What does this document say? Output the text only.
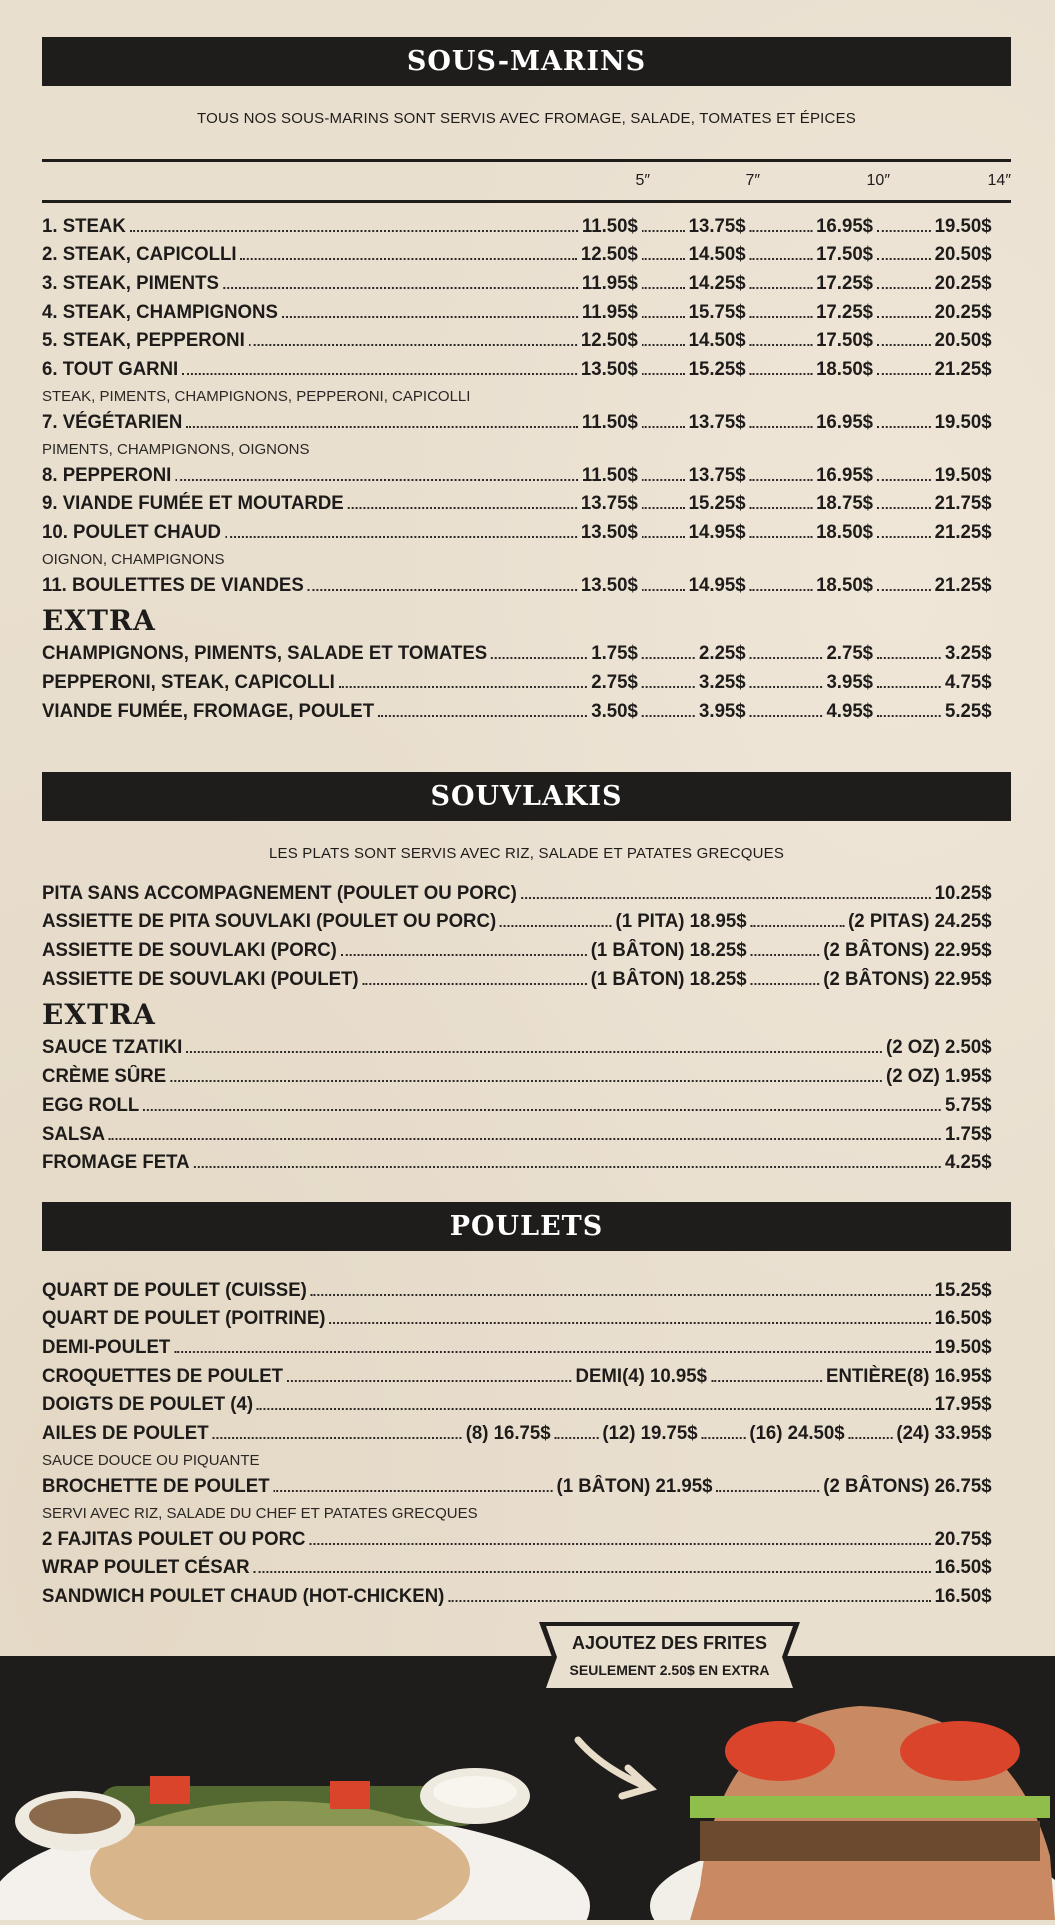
SOUS-MARINS
TOUS NOS SOUS-MARINS SONT SERVIS AVEC FROMAGE, SALADE, TOMATES ET ÉPICES
5″	7″	10″	14″
1. STEAK	11.50$	13.75$	16.95$	19.50$
2. STEAK, CAPICOLLI	12.50$	14.50$	17.50$	20.50$
3. STEAK, PIMENTS	11.95$	14.25$	17.25$	20.25$
4. STEAK, CHAMPIGNONS	11.95$	15.75$	17.25$	20.25$
5. STEAK, PEPPERONI	12.50$	14.50$	17.50$	20.50$
6. TOUT GARNI	13.50$	15.25$	18.50$	21.25$
STEAK, PIMENTS, CHAMPIGNONS, PEPPERONI, CAPICOLLI
7. VÉGÉTARIEN	11.50$	13.75$	16.95$	19.50$
PIMENTS, CHAMPIGNONS, OIGNONS
8. PEPPERONI	11.50$	13.75$	16.95$	19.50$
9. VIANDE FUMÉE ET MOUTARDE	13.75$	15.25$	18.75$	21.75$
10. POULET CHAUD	13.50$	14.95$	18.50$	21.25$
OIGNON, CHAMPIGNONS
11. BOULETTES DE VIANDES	13.50$	14.95$	18.50$	21.25$
EXTRA
CHAMPIGNONS, PIMENTS, SALADE ET TOMATES	1.75$	2.25$	2.75$	3.25$
PEPPERONI, STEAK, CAPICOLLI	2.75$	3.25$	3.95$	4.75$
VIANDE FUMÉE, FROMAGE, POULET	3.50$	3.95$	4.95$	5.25$
SOUVLAKIS
LES PLATS SONT SERVIS AVEC RIZ, SALADE ET PATATES GRECQUES
PITA SANS ACCOMPAGNEMENT (POULET OU PORC)	10.25$
ASSIETTE DE PITA SOUVLAKI (POULET OU PORC)	(1 PITA) 18.95$	(2 PITAS) 24.25$
ASSIETTE DE SOUVLAKI (PORC)	(1 BÂTON) 18.25$	(2 BÂTONS) 22.95$
ASSIETTE DE SOUVLAKI (POULET)	(1 BÂTON) 18.25$	(2 BÂTONS) 22.95$
EXTRA
SAUCE TZATIKI	(2 OZ) 2.50$
CRÈME SÛRE	(2 OZ) 1.95$
EGG ROLL	5.75$
SALSA	1.75$
FROMAGE FETA	4.25$
POULETS
QUART DE POULET (CUISSE)	15.25$
QUART DE POULET (POITRINE)	16.50$
DEMI-POULET	19.50$
CROQUETTES DE POULET	DEMI(4) 10.95$	ENTIÈRE(8) 16.95$
DOIGTS DE POULET (4)	17.95$
AILES DE POULET	(8) 16.75$	(12) 19.75$	(16) 24.50$	(24) 33.95$
SAUCE DOUCE OU PIQUANTE
BROCHETTE DE POULET	(1 BÂTON) 21.95$	(2 BÂTONS) 26.75$
SERVI AVEC RIZ, SALADE DU CHEF ET PATATES GRECQUES
2 FAJITAS POULET OU PORC	20.75$
WRAP POULET CÉSAR	16.50$
SANDWICH POULET CHAUD (HOT-CHICKEN)	16.50$
AJOUTEZ DES FRITES
SEULEMENT 2.50$ EN EXTRA
